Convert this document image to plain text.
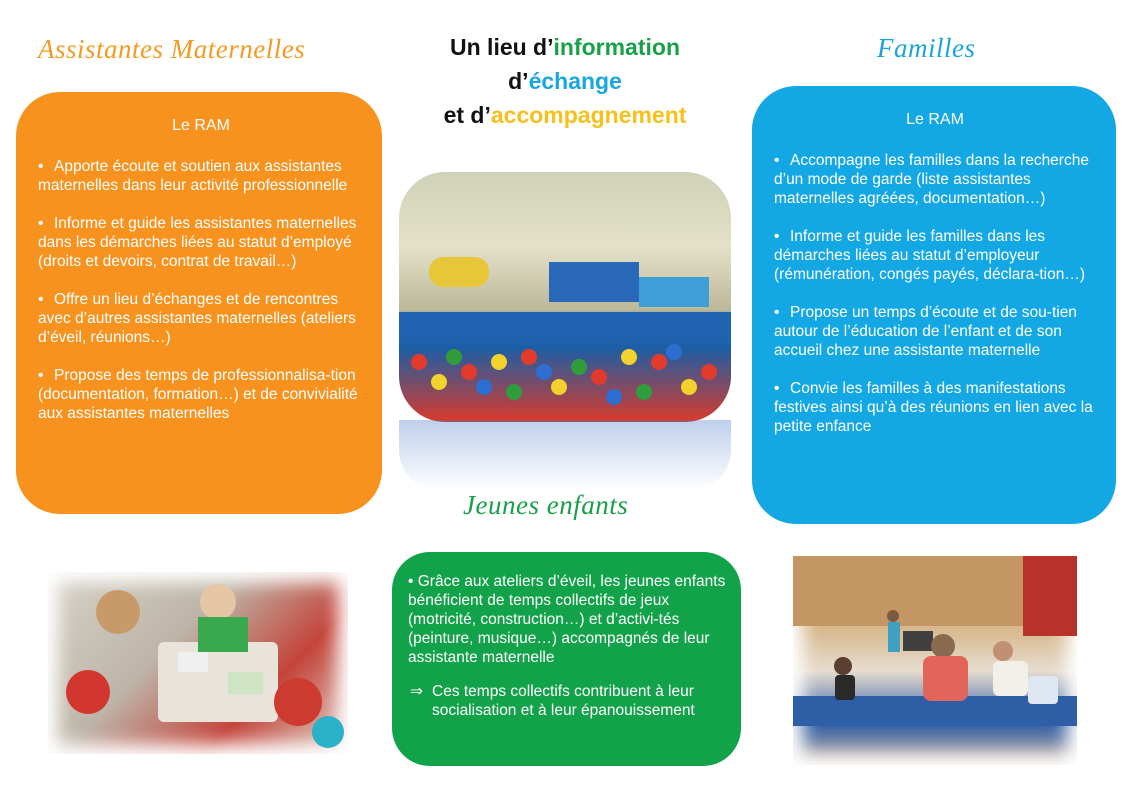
Assistantes Maternelles	Familles
Jeunes enfants
Un lieu d’information
d’échange
et d’accompagnement
Le RAM
• Apporte écoute et soutien aux assistantes maternelles dans leur activité professionnelle
• Informe et guide les assistantes maternelles dans les démarches liées au statut d’employé (droits et devoirs, contrat de travail…)
• Offre un lieu d’échanges et de rencontres avec d’autres assistantes maternelles (ateliers d’éveil, réunions…)
• Propose des temps de professionnalisa-tion (documentation, formation…) et de convivialité aux assistantes maternelles
Le RAM
• Accompagne les familles dans la recherche d’un mode de garde (liste assistantes maternelles agréées, documentation…)
• Informe et guide les familles dans les démarches liées au statut d’employeur (rémunération, congés payés, déclara-tion…)
• Propose un temps d’écoute et de sou-tien autour de l’éducation de l’enfant et de son accueil chez une assistante maternelle
• Convie les familles à des manifestations festives ainsi qu’à des réunions en lien avec la petite enfance
• Grâce aux ateliers d’éveil, les jeunes enfants bénéficient de temps collectifs de jeux (motricité, construction…) et d’activi-tés (peinture, musique…) accompagnés de leur assistante maternelle
⇒ Ces temps collectifs contribuent à leur socialisation et à leur épanouissement
